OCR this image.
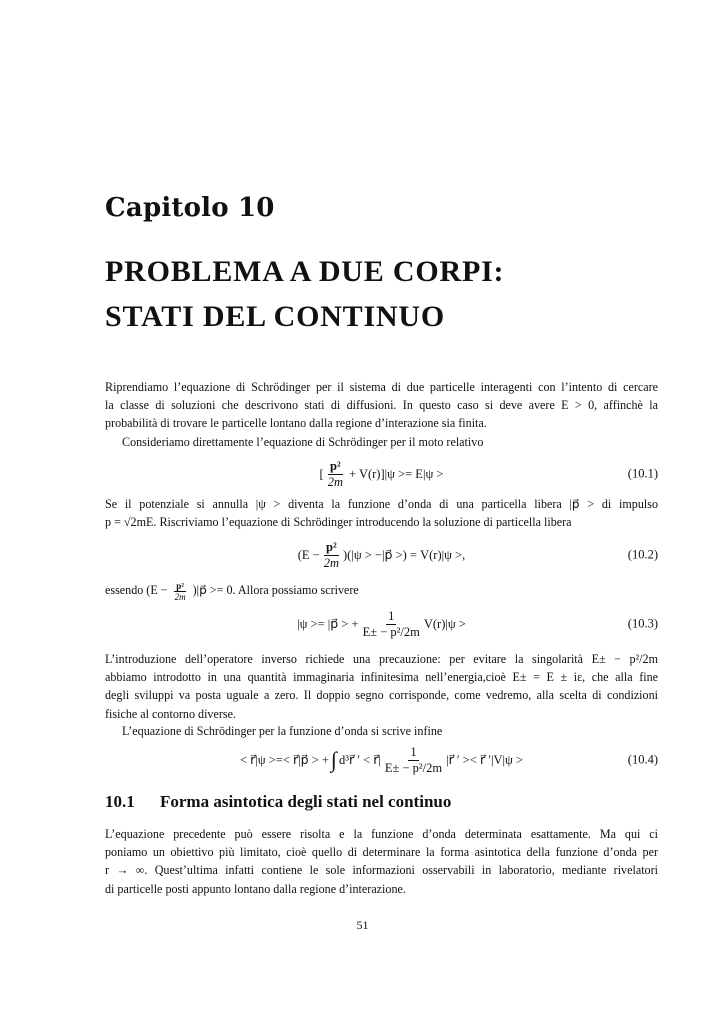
Capitolo 10
PROBLEMA A DUE CORPI:
STATI DEL CONTINUO
Riprendiamo l’equazione di Schrödinger per il sistema di due particelle interagenti con l’intento di cercare
la classe di soluzioni che descrivono stati di diffusioni. In questo caso si deve avere E > 0, affinchè la
probabilità di trovare le particelle lontano dalla regione d’interazione sia finita.
Consideriamo direttamente l’equazione di Schrödinger per il moto relativo
[ $\frac{\text{p²}}{2m} + V(r)]|\psi >= E|\psi$ >	(10.1)
Se il potenziale si annulla |ψ > diventa la funzione d’onda di una particella libera |p⃗ > di impulso
p = √2mE. Riscriviamo l’equazione di Schrödinger introducendo la soluzione di particella libera
$(E - \frac{\text{p²}}{2m} )(|\psi$ > −|p⃗ >) = V(r)|ψ >,	(10.2)
essendo ($E - \frac{\text{p²}}{2m}$ )|p⃗ >= 0. Allora possiamo scrivere
|ψ >= |p⃗ > + $\frac{1}{\text{E± − p²/2m}} V(r)|\psi$ >	(10.3)
L’introduzione dell’operatore inverso richiede una precauzione: per evitare la singolarità E± − p²/2m
abbiamo introdotto in una quantità immaginaria infinitesima nell’energia,cioè E± = E ± iε, che alla fine
degli sviluppi va posta uguale a zero. Il doppio segno corrisponde, come vedremo, alla scelta di condizioni
fisiche al contorno diverse.
L’equazione di Schrödinger per la funzione d’onda si scrive infine
< r⃗|ψ >=< r⃗|p⃗ > + ∫ d³r⃗ ′ < r⃗| $\frac{1}{\text{E± − p²/2m}}$ |r⃗ ′ >< r⃗ ′|V|ψ >	(10.4)
10.1 Forma asintotica degli stati nel continuo
L’equazione precedente può essere risolta e la funzione d’onda determinata esattamente. Ma qui ci
poniamo un obiettivo più limitato, cioè quello di determinare la forma asintotica della funzione d’onda per
r → ∞. Quest’ultima infatti contiene le sole informazioni osservabili in laboratorio, mediante rivelatori
di particelle posti appunto lontano dalla regione d’interazione.
51
